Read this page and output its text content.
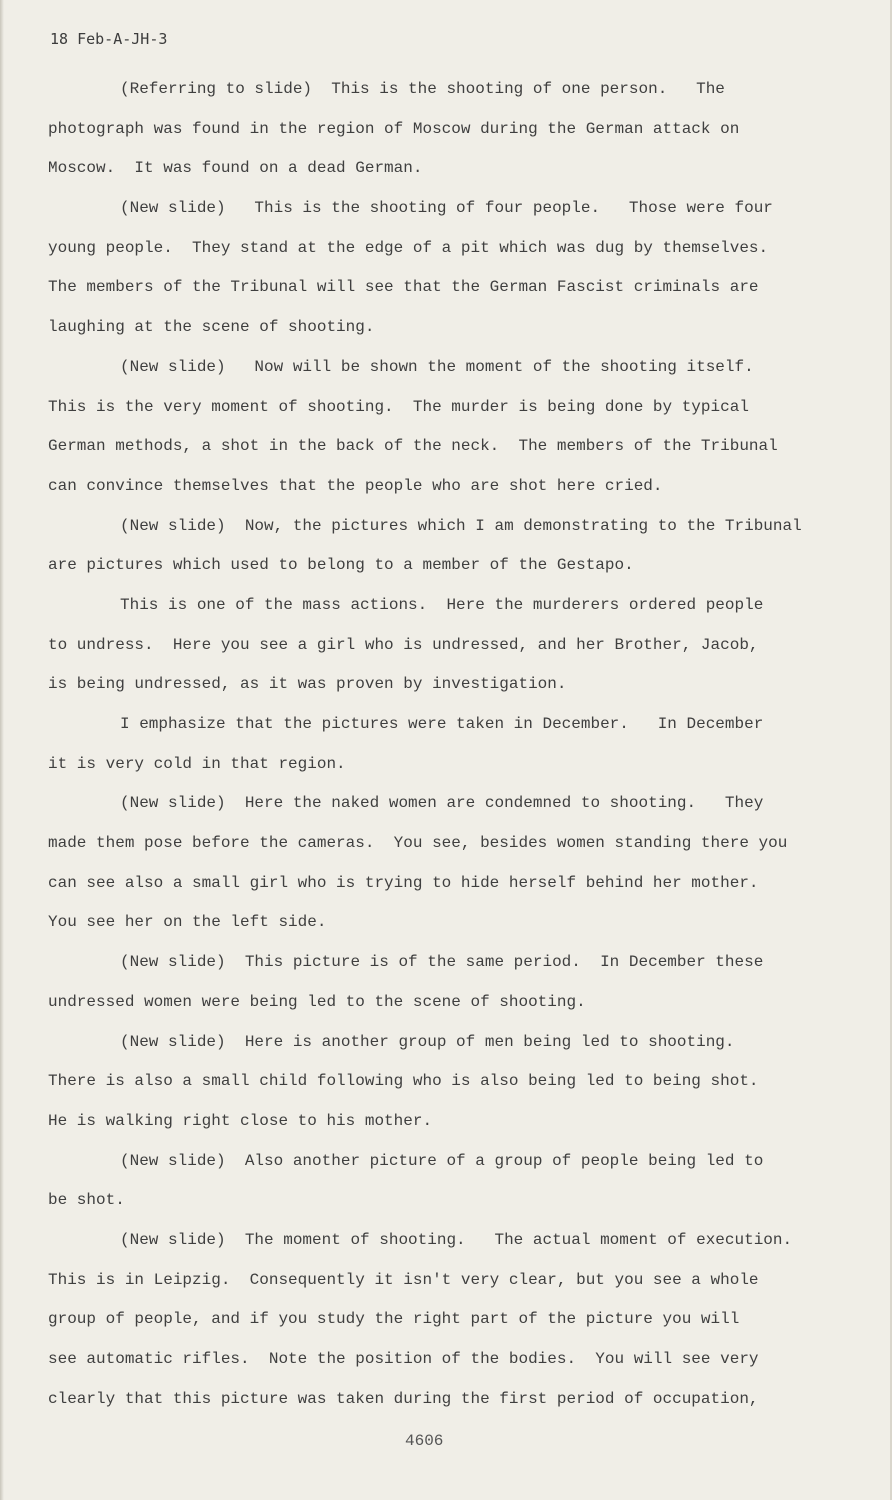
18 Feb-A-JH-3
(Referring to slide)  This is the shooting of one person.   The
photograph was found in the region of Moscow during the German attack on
Moscow.  It was found on a dead German.
(New slide)   This is the shooting of four people.   Those were four
young people.  They stand at the edge of a pit which was dug by themselves.
The members of the Tribunal will see that the German Fascist criminals are
laughing at the scene of shooting.
(New slide)   Now will be shown the moment of the shooting itself.
This is the very moment of shooting.  The murder is being done by typical
German methods, a shot in the back of the neck.  The members of the Tribunal
can convince themselves that the people who are shot here cried.
(New slide)  Now, the pictures which I am demonstrating to the Tribunal
are pictures which used to belong to a member of the Gestapo.
This is one of the mass actions.  Here the murderers ordered people
to undress.  Here you see a girl who is undressed, and her Brother, Jacob,
is being undressed, as it was proven by investigation.
I emphasize that the pictures were taken in December.   In December
it is very cold in that region.
(New slide)  Here the naked women are condemned to shooting.   They
made them pose before the cameras.  You see, besides women standing there you
can see also a small girl who is trying to hide herself behind her mother.
You see her on the left side.
(New slide)  This picture is of the same period.  In December these
undressed women were being led to the scene of shooting.
(New slide)  Here is another group of men being led to shooting.
There is also a small child following who is also being led to being shot.
He is walking right close to his mother.
(New slide)  Also another picture of a group of people being led to
be shot.
(New slide)  The moment of shooting.   The actual moment of execution.
This is in Leipzig.  Consequently it isn't very clear, but you see a whole
group of people, and if you study the right part of the picture you will
see automatic rifles.  Note the position of the bodies.  You will see very
clearly that this picture was taken during the first period of occupation,
4606
